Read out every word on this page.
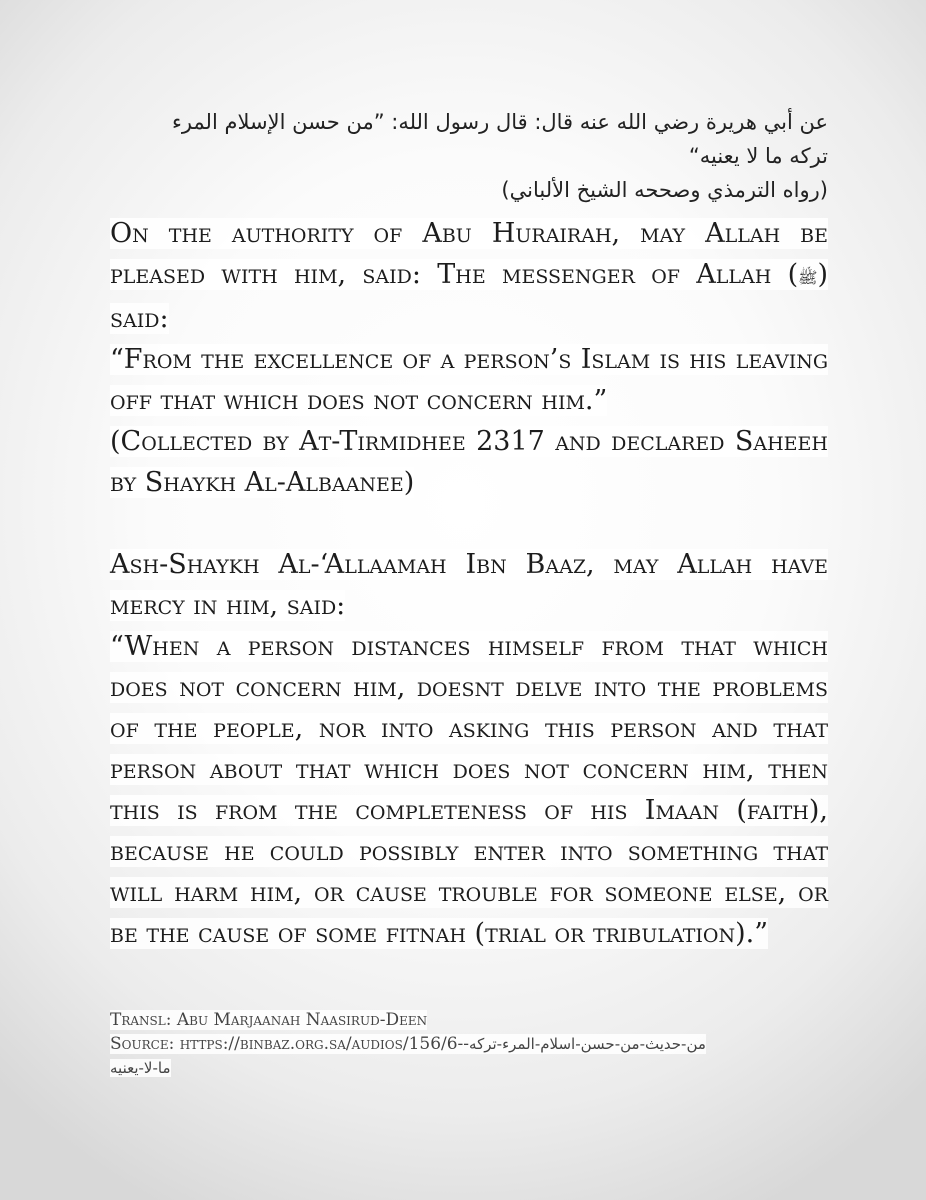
عن أبي هريرة رضي الله عنه قال: قال رسول الله: ”من حسن الإسلام المرء
تركه ما لا يعنيه“
(رواه الترمذي وصححه الشيخ الألباني)

On the authority of Abu Hurairah, may Allah be pleased with him, said: The messenger of Allah (ﷺ) said:

“From the excellence of a person’s Islam is his leaving off that which does not concern him.”

(Collected by At-Tirmidhee 2317 and declared Saheeh by Shaykh Al-Albaanee)

Ash-Shaykh Al-‘Allaamah Ibn Baaz, may Allah have mercy in him, said:

“When a person distances himself from that which does not concern him, doesnt delve into the problems of the people, nor into asking this person and that person about that which does not concern him, then this is from the completeness of his Imaan (faith), because he could possibly enter into something that will harm him, or cause trouble for someone else, or be the cause of some fitnah (trial or tribulation).”

Transl: Abu Marjaanah Naasirud-Deen
Source: https://binbaz.org.sa/audios/156/6--من-حديث-من-حسن-اسلام-المرء-تركه
ما-لا-يعنيه
